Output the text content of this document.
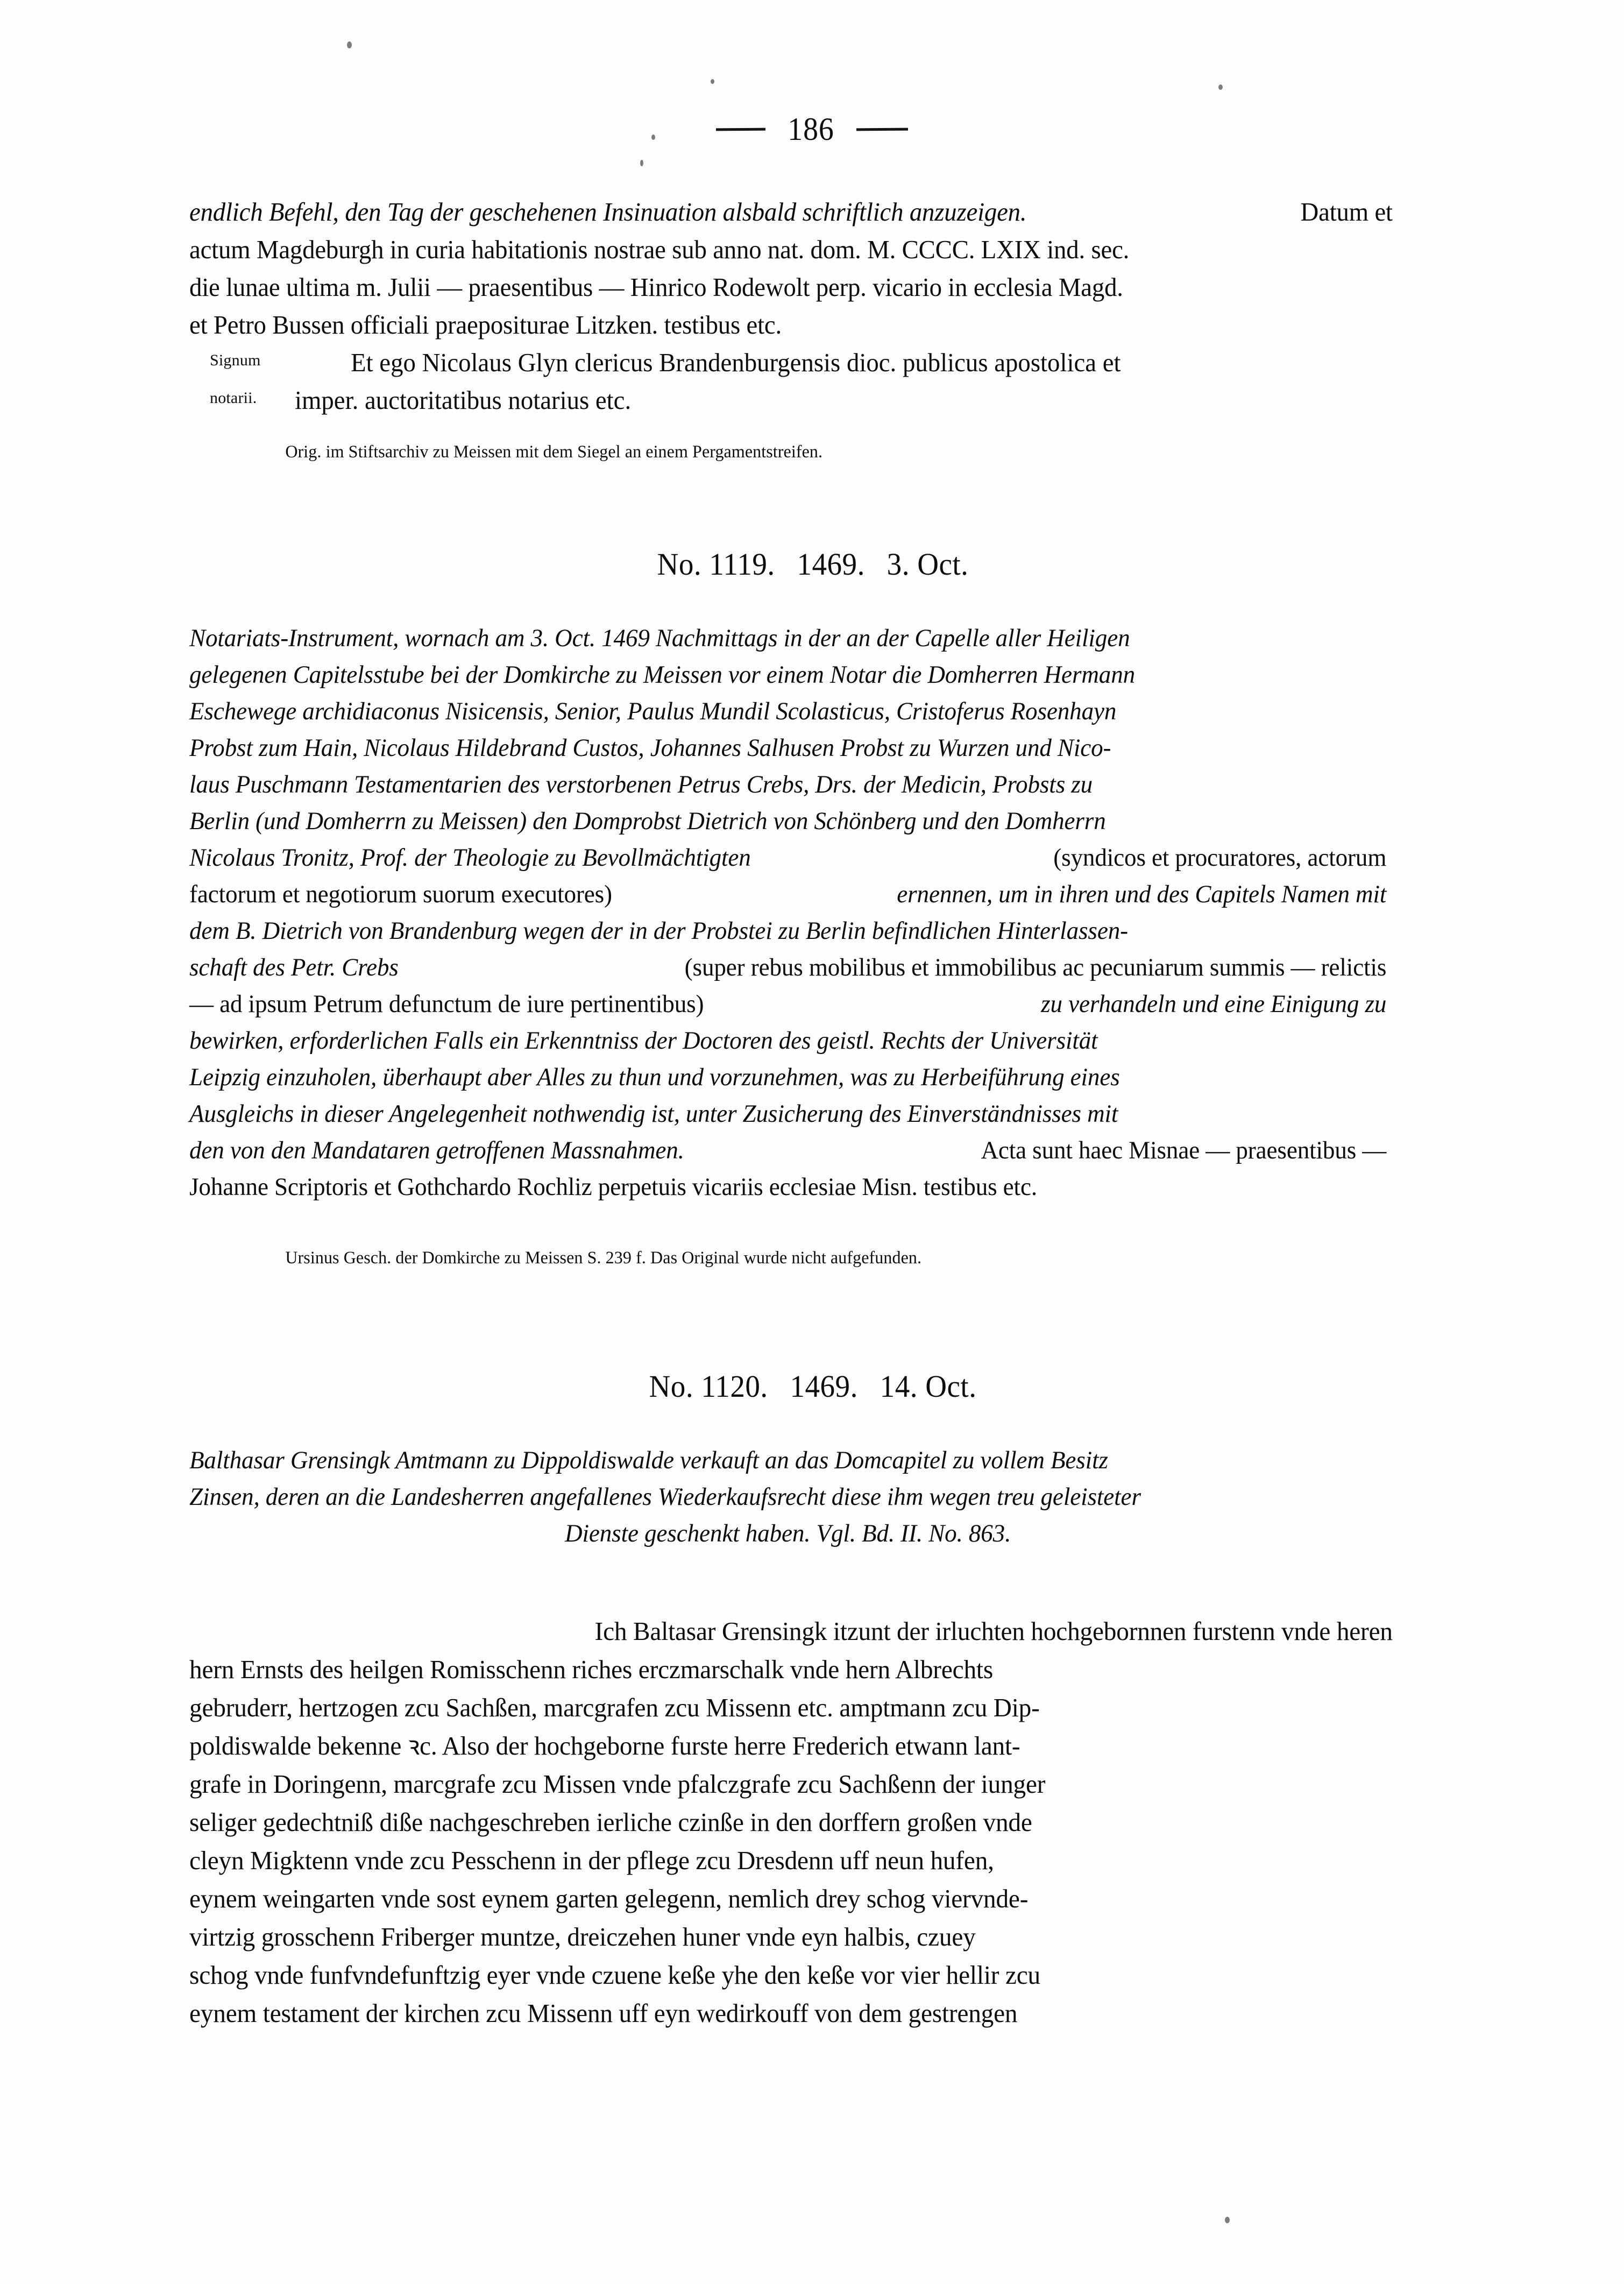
186
endlich Befehl, den Tag der geschehenen Insinuation alsbald schriftlich anzuzeigen.	Datum et
actum Magdeburgh in curia habitationis nostrae sub anno nat. dom. M. CCCC. LXIX ind. sec.
die lunae ultima m. Julii — praesentibus — Hinrico Rodewolt perp. vicario in ecclesia Magd.
et Petro Bussen officiali praepositurae Litzken. testibus etc.
Signum	Et ego Nicolaus Glyn clericus Brandenburgensis dioc. publicus apostolica et
notarii. imper. auctoritatibus notarius etc.
Orig. im Stiftsarchiv zu Meissen mit dem Siegel an einem Pergamentstreifen.
No. 1119. 1469. 3. Oct.
Notariats-Instrument, wornach am 3. Oct. 1469 Nachmittags in der an der Capelle aller Heiligen
gelegenen Capitelsstube bei der Domkirche zu Meissen vor einem Notar die Domherren Hermann
Eschewege archidiaconus Nisicensis, Senior, Paulus Mundil Scolasticus, Cristoferus Rosenhayn
Probst zum Hain, Nicolaus Hildebrand Custos, Johannes Salhusen Probst zu Wurzen und Nico-
laus Puschmann Testamentarien des verstorbenen Petrus Crebs, Drs. der Medicin, Probsts zu
Berlin (und Domherrn zu Meissen) den Domprobst Dietrich von Schönberg und den Domherrn
Nicolaus Tronitz, Prof. der Theologie zu Bevollmächtigten	(syndicos et procuratores, actorum
factorum et negotiorum suorum executores)	ernennen, um in ihren und des Capitels Namen mit
dem B. Dietrich von Brandenburg wegen der in der Probstei zu Berlin befindlichen Hinterlassen-
schaft des Petr. Crebs	(super rebus mobilibus et immobilibus ac pecuniarum summis — relictis
— ad ipsum Petrum defunctum de iure pertinentibus)	zu verhandeln und eine Einigung zu
bewirken, erforderlichen Falls ein Erkenntniss der Doctoren des geistl. Rechts der Universität
Leipzig einzuholen, überhaupt aber Alles zu thun und vorzunehmen, was zu Herbeiführung eines
Ausgleichs in dieser Angelegenheit nothwendig ist, unter Zusicherung des Einverständnisses mit
den von den Mandataren getroffenen Massnahmen.	Acta sunt haec Misnae — praesentibus —
Johanne Scriptoris et Gothchardo Rochliz perpetuis vicariis ecclesiae Misn. testibus etc.
Ursinus Gesch. der Domkirche zu Meissen S. 239 f. Das Original wurde nicht aufgefunden.
No. 1120. 1469. 14. Oct.
Balthasar Grensingk Amtmann zu Dippoldiswalde verkauft an das Domcapitel zu vollem Besitz
Zinsen, deren an die Landesherren angefallenes Wiederkaufsrecht diese ihm wegen treu geleisteter
Dienste geschenkt haben. Vgl. Bd. II. No. 863.
Ich Baltasar Grensingk itzunt der irluchten hochgebornnen furstenn vnde heren
hern Ernsts des heilgen Romisschenn riches erczmarschalk vnde hern Albrechts
gebruderr, hertzogen zcu Sachßen, marcgrafen zcu Missenn etc. amptmann zcu Dip-
poldiswalde bekenne ꝛc. Also der hochgeborne furste herre Frederich etwann lant-
grafe in Doringenn, marcgrafe zcu Missen vnde pfalczgrafe zcu Sachßenn der iunger
seliger gedechtniß diße nachgeschreben ierliche czinße in den dorffern großen vnde
cleyn Migktenn vnde zcu Pesschenn in der pflege zcu Dresdenn uff neun hufen,
eynem weingarten vnde sost eynem garten gelegenn, nemlich drey schog viervnde-
virtzig grosschenn Friberger muntze, dreiczehen huner vnde eyn halbis, czuey
schog vnde funfvndefunftzig eyer vnde czuene keße yhe den keße vor vier hellir zcu
eynem testament der kirchen zcu Missenn uff eyn wedirkouff von dem gestrengen
